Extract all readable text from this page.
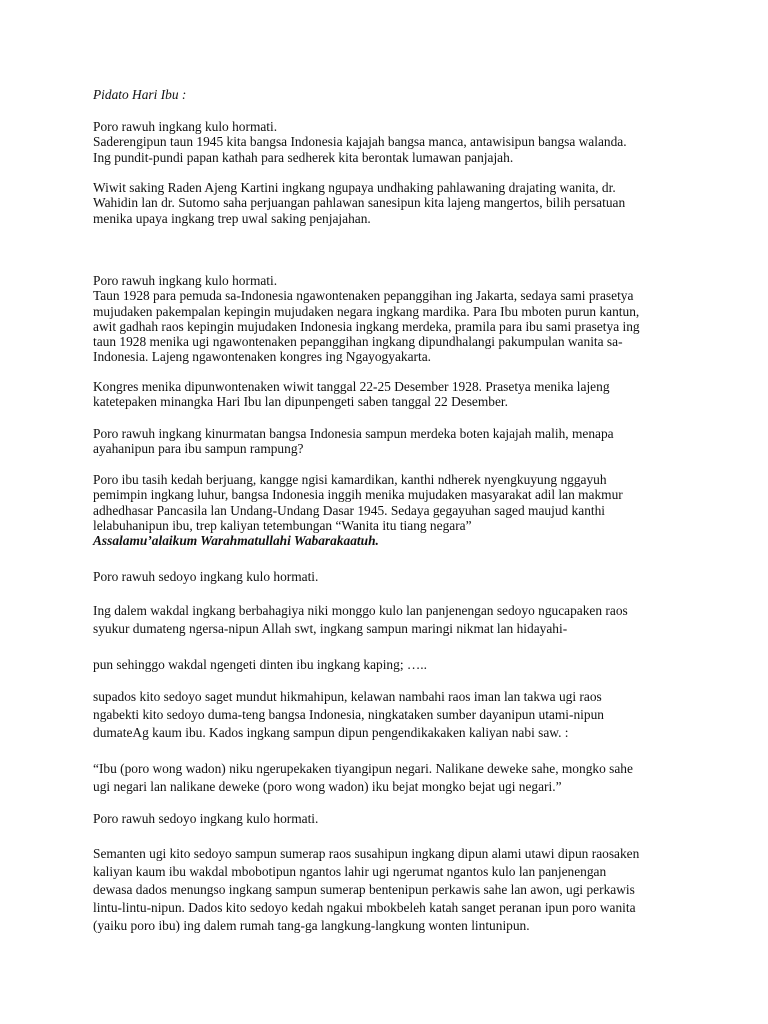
Pidato Hari Ibu :

Poro rawuh ingkang kulo hormati.

Saderengipun taun 1945 kita bangsa Indonesia kajajah bangsa manca, antawisipun bangsa walanda.

Ing pundit-pundi papan kathah para sedherek kita berontak lumawan panjajah.

Wiwit saking Raden Ajeng Kartini ingkang ngupaya undhaking pahlawaning drajating wanita, dr.

Wahidin lan dr. Sutomo saha perjuangan pahlawan sanesipun kita lajeng mangertos, bilih persatuan

menika upaya ingkang trep uwal saking penjajahan.

Poro rawuh ingkang kulo hormati.

Taun 1928 para pemuda sa-Indonesia ngawontenaken pepanggihan ing Jakarta, sedaya sami prasetya

mujudaken pakempalan kepingin mujudaken negara ingkang mardika. Para Ibu mboten purun kantun,

awit gadhah raos kepingin mujudaken Indonesia ingkang merdeka, pramila para ibu sami prasetya ing

taun 1928 menika ugi ngawontenaken pepanggihan ingkang dipundhalangi pakumpulan wanita sa-

Indonesia. Lajeng ngawontenaken kongres ing Ngayogyakarta.

Kongres menika dipunwontenaken wiwit tanggal 22-25 Desember 1928. Prasetya menika lajeng

katetepaken minangka Hari Ibu lan dipunpengeti saben tanggal 22 Desember.

Poro rawuh ingkang kinurmatan bangsa Indonesia sampun merdeka boten kajajah malih, menapa

ayahanipun para ibu sampun rampung?

Poro ibu tasih kedah berjuang, kangge ngisi kamardikan, kanthi ndherek nyengkuyung nggayuh

pemimpin ingkang luhur, bangsa Indonesia inggih menika mujudaken masyarakat adil lan makmur

adhedhasar Pancasila lan Undang-Undang Dasar 1945. Sedaya gegayuhan saged maujud kanthi

lelabuhanipun ibu, trep kaliyan tetembungan “Wanita itu tiang negara”

Assalamu’alaikum Warahmatullahi Wabarakaatuh.

Poro rawuh sedoyo ingkang kulo hormati.

Ing dalem wakdal ingkang berbahagiya niki monggo kulo lan panjenengan sedoyo ngucapaken raos

syukur dumateng ngersa-nipun Allah swt, ingkang sampun maringi nikmat lan hidayahi-

pun sehinggo wakdal ngengeti dinten ibu ingkang kaping; …..

supados kito sedoyo saget mundut hikmahipun, kelawan nambahi raos iman lan takwa ugi raos

ngabekti kito sedoyo duma-teng bangsa Indonesia, ningkataken sumber dayanipun utami-nipun

dumateAg kaum ibu. Kados ingkang sampun dipun pengendikakaken kaliyan nabi saw. :

“Ibu (poro wong wadon) niku ngerupekaken tiyangipun negari. Nalikane deweke sahe, mongko sahe

ugi negari lan nalikane deweke (poro wong wadon) iku bejat mongko bejat ugi negari.”

Poro rawuh sedoyo ingkang kulo hormati.

Semanten ugi kito sedoyo sampun sumerap raos susahipun ingkang dipun alami utawi dipun raosaken

kaliyan kaum ibu wakdal mbobotipun ngantos lahir ugi ngerumat ngantos kulo lan panjenengan

dewasa dados menungso ingkang sampun sumerap bentenipun perkawis sahe lan awon, ugi perkawis

lintu-lintu-nipun. Dados kito sedoyo kedah ngakui mbokbeleh katah sanget peranan ipun poro wanita

(yaiku poro ibu) ing dalem rumah tang-ga langkung-langkung wonten lintunipun.
